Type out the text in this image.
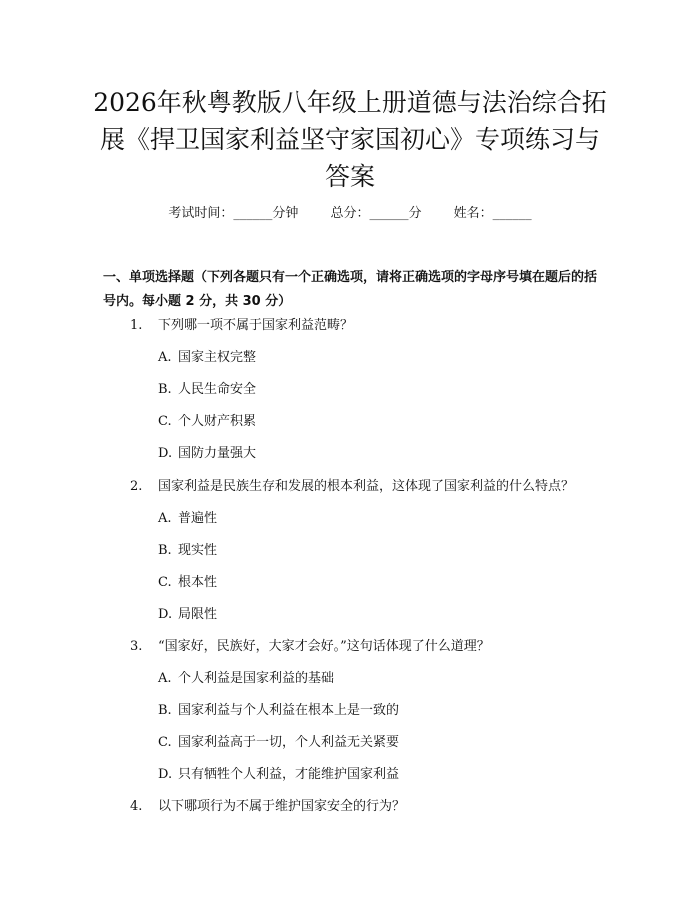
2026年秋粤教版八年级上册道德与法治综合拓展《捍卫国家利益坚守家国初心》专项练习与答案
考试时间：______分钟 总分：______分 姓名：______
一、单项选择题（下列各题只有一个正确选项，请将正确选项的字母序号填在题后的括号内。每小题 2 分，共 30 分）
1. 下列哪一项不属于国家利益范畴？
A. 国家主权完整
B. 人民生命安全
C. 个人财产积累
D. 国防力量强大
2. 国家利益是民族生存和发展的根本利益，这体现了国家利益的什么特点？
A. 普遍性
B. 现实性
C. 根本性
D. 局限性
3. “国家好，民族好，大家才会好。”这句话体现了什么道理？
A. 个人利益是国家利益的基础
B. 国家利益与个人利益在根本上是一致的
C. 国家利益高于一切，个人利益无关紧要
D. 只有牺牲个人利益，才能维护国家利益
4. 以下哪项行为不属于维护国家安全的行为？
